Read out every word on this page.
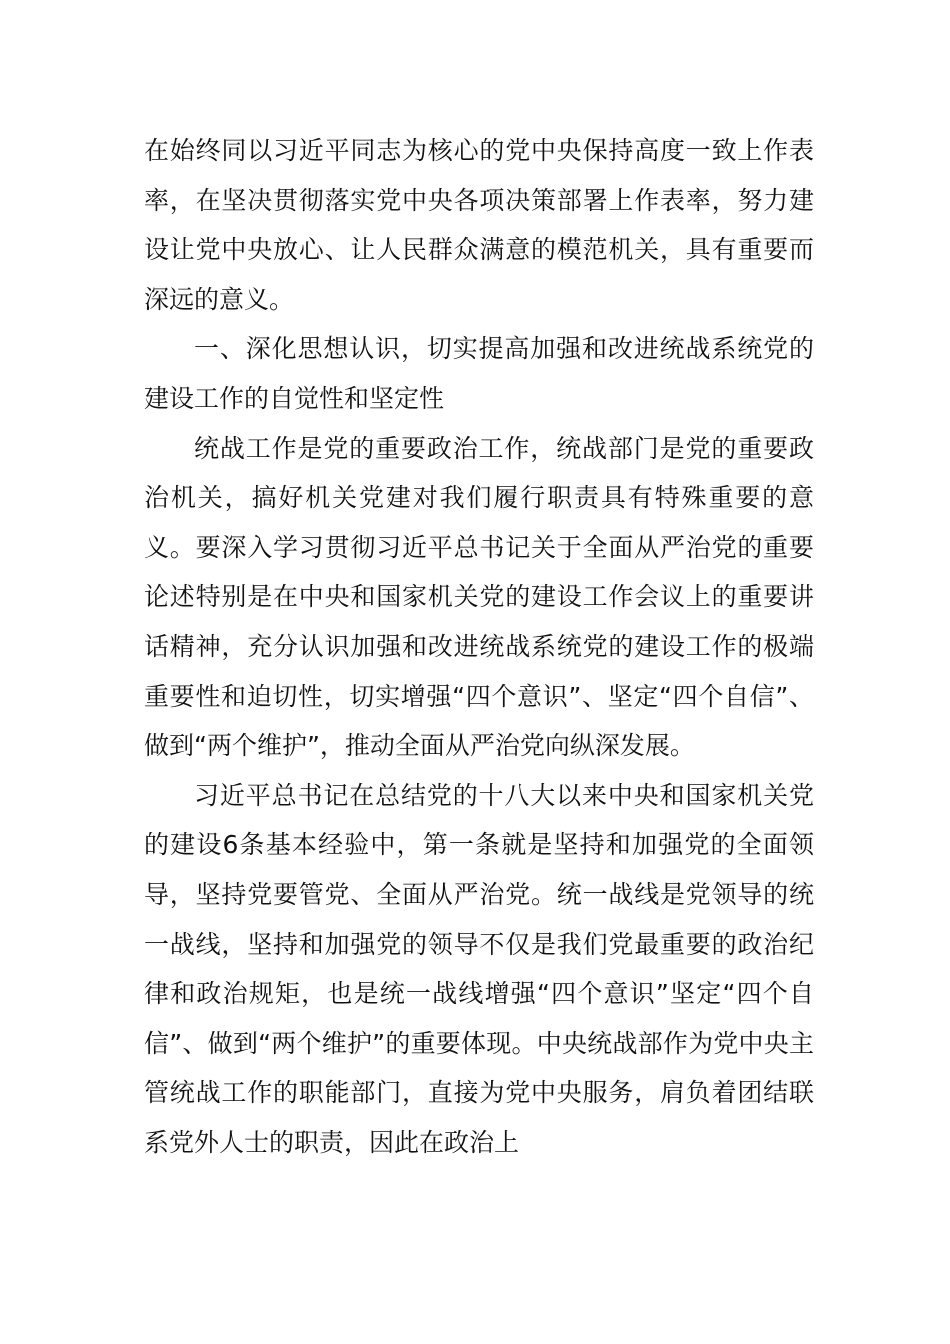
在始终同以习近平同志为核心的党中央保持高度一致上作表率，在坚决贯彻落实党中央各项决策部署上作表率，努力建设让党中央放心、让人民群众满意的模范机关，具有重要而深远的意义。

一、深化思想认识，切实提高加强和改进统战系统党的建设工作的自觉性和坚定性

统战工作是党的重要政治工作，统战部门是党的重要政治机关，搞好机关党建对我们履行职责具有特殊重要的意义。要深入学习贯彻习近平总书记关于全面从严治党的重要论述特别是在中央和国家机关党的建设工作会议上的重要讲话精神，充分认识加强和改进统战系统党的建设工作的极端重要性和迫切性，切实增强“四个意识”、坚定“四个自信”、做到“两个维护”，推动全面从严治党向纵深发展。

习近平总书记在总结党的十八大以来中央和国家机关党的建设6条基本经验中，第一条就是坚持和加强党的全面领导，坚持党要管党、全面从严治党。统一战线是党领导的统一战线，坚持和加强党的领导不仅是我们党最重要的政治纪律和政治规矩，也是统一战线增强“四个意识”坚定“四个自信”、做到“两个维护”的重要体现。中央统战部作为党中央主管统战工作的职能部门，直接为党中央服务，肩负着团结联系党外人士的职责，因此在政治上
